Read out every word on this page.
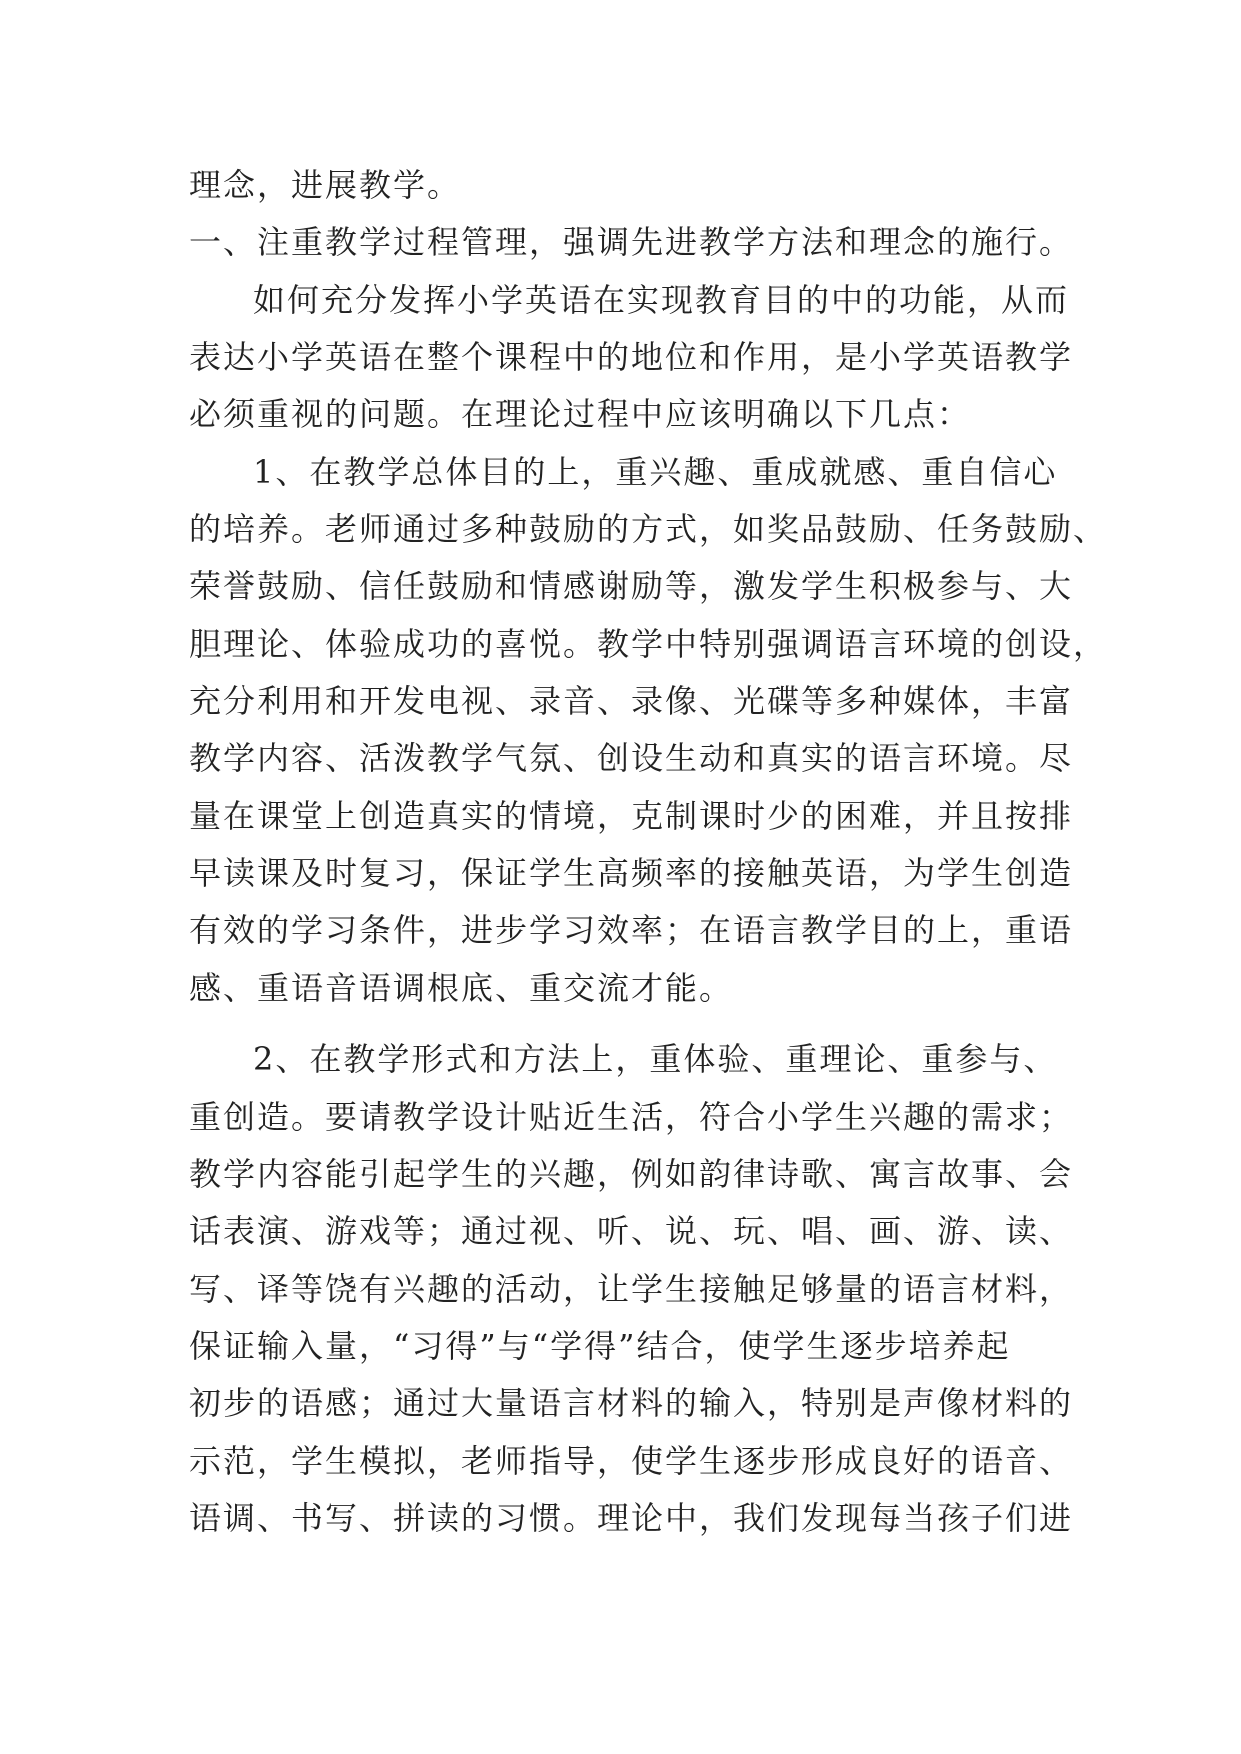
理念，进展教学。
一、注重教学过程管理，强调先进教学方法和理念的施行。
如何充分发挥小学英语在实现教育目的中的功能，从而
表达小学英语在整个课程中的地位和作用，是小学英语教学
必须重视的问题。在理论过程中应该明确以下几点：
1、在教学总体目的上，重兴趣、重成就感、重自信心
的培养。老师通过多种鼓励的方式，如奖品鼓励、任务鼓励、
荣誉鼓励、信任鼓励和情感谢励等，激发学生积极参与、大
胆理论、体验成功的喜悦。教学中特别强调语言环境的创设，
充分利用和开发电视、录音、录像、光碟等多种媒体，丰富
教学内容、活泼教学气氛、创设生动和真实的语言环境。尽
量在课堂上创造真实的情境，克制课时少的困难，并且按排
早读课及时复习，保证学生高频率的接触英语，为学生创造
有效的学习条件，进步学习效率；在语言教学目的上，重语
感、重语音语调根底、重交流才能。
2、在教学形式和方法上，重体验、重理论、重参与、
重创造。要请教学设计贴近生活，符合小学生兴趣的需求；
教学内容能引起学生的兴趣，例如韵律诗歌、寓言故事、会
话表演、游戏等；通过视、听、说、玩、唱、画、游、读、
写、译等饶有兴趣的活动，让学生接触足够量的语言材料，
保证输入量，“习得”与“学得”结合，使学生逐步培养起
初步的语感；通过大量语言材料的输入，特别是声像材料的
示范，学生模拟，老师指导，使学生逐步形成良好的语音、
语调、书写、拼读的习惯。理论中，我们发现每当孩子们进
